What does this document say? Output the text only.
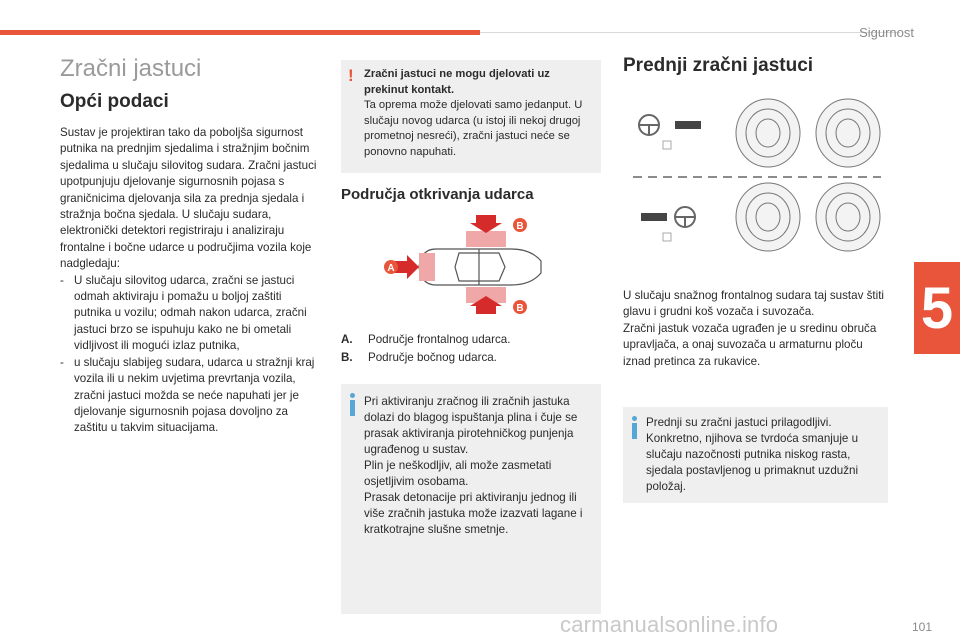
Sigurnost
5
Zračni jastuci
Opći podaci
Sustav je projektiran tako da poboljša sigurnost putnika na prednjim sjedalima i stražnjim bočnim sjedalima u slučaju silovitog sudara. Zračni jastuci upotpunjuju djelovanje sigurnosnih pojasa s graničnicima djelovanja sila za prednja sjedala i stražnja bočna sjedala. U slučaju sudara, elektronički detektori registriraju i analiziraju frontalne i bočne udarce u područjima vozila koje nadgledaju:
- U slučaju silovitog udarca, zračni se jastuci odmah aktiviraju i pomažu u boljoj zaštiti putnika u vozilu; odmah nakon udarca, zračni jastuci brzo se ispuhuju kako ne bi ometali vidljivost ili mogući izlaz putnika,
- u slučaju slabijeg sudara, udarca u stražnji kraj vozila ili u nekim uvjetima prevrtanja vozila, zračni jastuci možda se neće napuhati jer je djelovanje sigurnosnih pojasa dovoljno za zaštitu u takvim situacijama.
! Zračni jastuci ne mogu djelovati uz prekinut kontakt.
Ta oprema može djelovati samo jedanput. U slučaju novog udarca (u istoj ili nekoj drugoj prometnoj nesreći), zračni jastuci neće se ponovno napuhati.
Područja otkrivanja udarca
A
B
B
A.	Područje frontalnog udarca.
B.	Područje bočnog udarca.
Pri aktiviranju zračnog ili zračnih jastuka dolazi do blagog ispuštanja plina i čuje se prasak aktiviranja pirotehničkog punjenja ugrađenog u sustav.
Plin je neškodljiv, ali može zasmetati osjetljivim osobama.
Prasak detonacije pri aktiviranju jednog ili više zračnih jastuka može izazvati lagane i kratkotrajne slušne smetnje.
Prednji zračni jastuci
U slučaju snažnog frontalnog sudara taj sustav štiti glavu i grudni koš vozača i suvozača.
Zračni jastuk vozača ugrađen je u sredinu obruča upravljača, a onaj suvozača u armaturnu ploču iznad pretinca za rukavice.
Prednji su zračni jastuci prilagodljivi. Konkretno, njihova se tvrdoća smanjuje u slučaju nazočnosti putnika niskog rasta, sjedala postavljenog u primaknut uzdužni položaj.
carmanualsonline.info	101
